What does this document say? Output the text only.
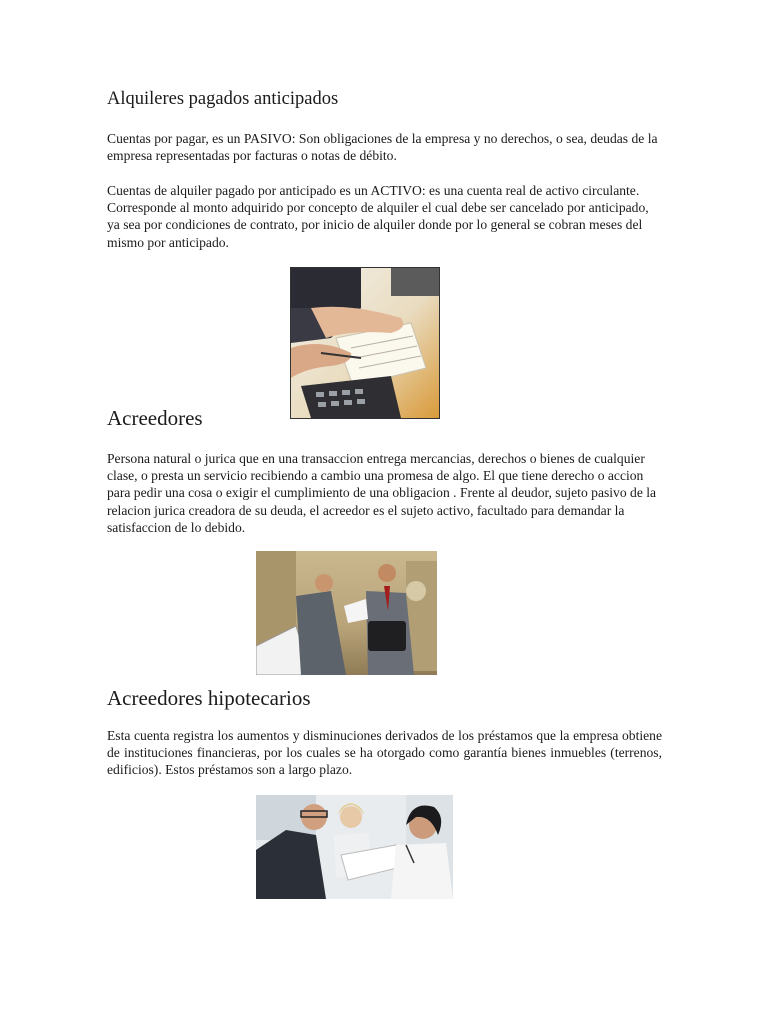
Alquileres pagados anticipados

Cuentas por pagar, es un PASIVO: Son obligaciones de la empresa y no derechos, o sea, deudas de la empresa representadas por facturas o notas de débito.

Cuentas de alquiler pagado por anticipado es un ACTIVO: es una cuenta real de activo circulante. Corresponde al monto adquirido por concepto de alquiler el cual debe ser cancelado por anticipado, ya sea por condiciones de contrato, por inicio de alquiler donde por lo general se cobran meses del mismo por anticipado.

Acreedores

Persona natural o jurica que en una transaccion entrega mercancias, derechos o bienes de cualquier clase, o presta un servicio recibiendo a cambio una promesa de algo. El que tiene derecho o accion para pedir una cosa o exigir el cumplimiento de una obligacion . Frente al deudor, sujeto pasivo de la relacion jurica creadora de su deuda, el acreedor es el sujeto activo, facultado para demandar la satisfaccion de lo debido.

Acreedores hipotecarios

Esta cuenta registra los aumentos y disminuciones derivados de los préstamos que la empresa obtiene de instituciones financieras, por los cuales se ha otorgado como garantía bienes inmuebles (terrenos, edificios). Estos préstamos son a largo plazo.
